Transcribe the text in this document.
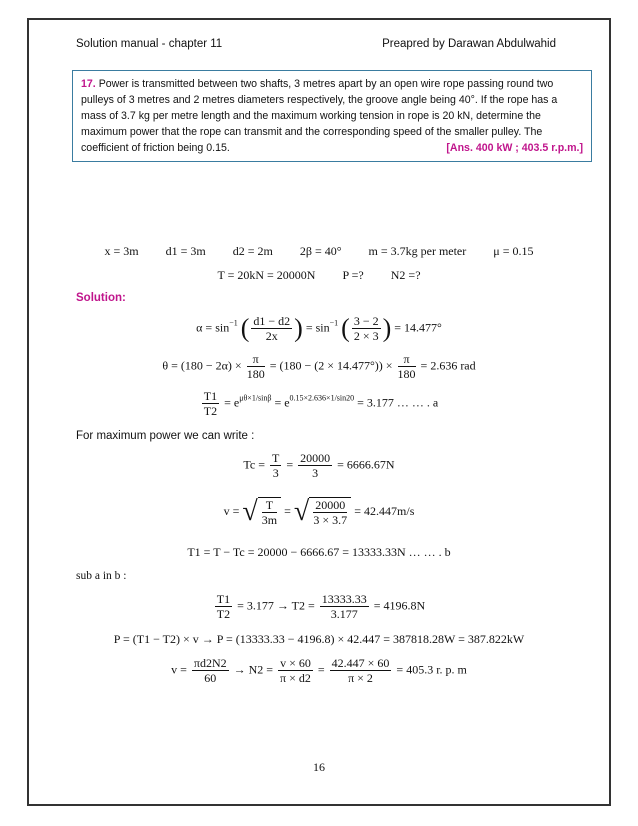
Solution manual - chapter 11	Preapred by Darawan Abdulwahid
17. Power is transmitted between two shafts, 3 metres apart by an open wire rope passing round two pulleys of 3 metres and 2 metres diameters respectively, the groove angle being 40°. If the rope has a mass of 3.7 kg per metre length and the maximum working tension in rope is 20 kN, determine the maximum power that the rope can transmit and the corresponding speed of the smaller pulley. The coefficient of friction being 0.15.	[Ans. 400 kW ; 403.5 r.p.m.]
x = 3m d1 = 3m d2 = 2m 2β = 40° m = 3.7kg per meter μ = 0.15
T = 20kN = 20000N P =? N2 =?
Solution:
$\alpha = \sin^{-1}$ ( $\frac{d1 - d2}{2x}$ ) = $\sin^{-1}$ ( $\frac{3 - 2}{2 \times 3}$ ) = 14.477°
$\theta = (180 - 2\alpha) \times \frac{\pi}{180} = (180 - (2 \times 14.477^\circ)) \times \frac{\pi}{180} = 2.636$ rad
$\frac{T1}{T2} = e^{\mu\theta\times 1/sin\beta} = e^{0.15\times 2.636\times 1/sin20} = 3.177$ … … . a
For maximum power we can write :
$Tc = \frac{T}{3} = \frac{20000}{3} = 6666.67N$
v = √ $\frac{T}{3m}$ = √ $\frac{20000}{3 \times 3.7} = 42.447m/s$
T1 = T − Tc = 20000 − 6666.67 = 13333.33N … … . b
sub a in b :
$\frac{T1}{T2} = 3.177 \to T2 = \frac{13333.33}{3.177} = 4196.8N$
P = (T1 − T2) × v → P = (13333.33 − 4196.8) × 42.447 = 387818.28W = 387.822kW
$v = \frac{\pi d2N2}{60} \to N2 = \frac{v \times 60}{\pi \times d2} = \frac{42.447 \times 60}{\pi \times 2} = 405.3$ r. p. m
16
